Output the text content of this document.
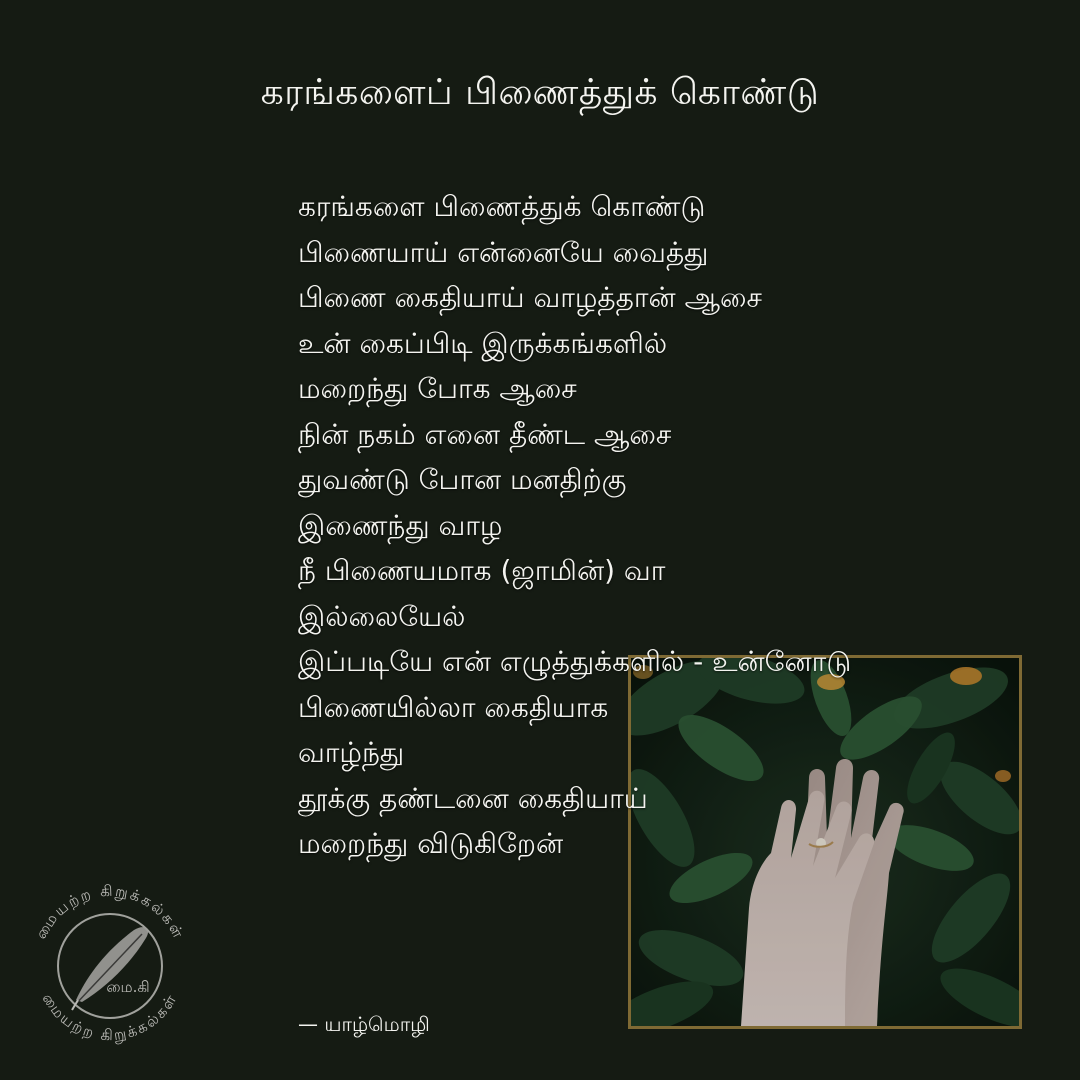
கரங்களைப் பிணைத்துக் கொண்டு
கரங்களை பிணைத்துக் கொண்டு
பிணையாய் என்னையே வைத்து
பிணை கைதியாய் வாழத்தான் ஆசை
உன் கைப்பிடி இருக்கங்களில்
மறைந்து போக ஆசை
நின் நகம் எனை தீண்ட ஆசை
துவண்டு போன மனதிற்கு
இணைந்து வாழ
நீ பிணையமாக (ஜாமின்) வா
இல்லையேல்
இப்படியே என் எழுத்துக்களில் - உன்னோடு
பிணையில்லா கைதியாக
வாழ்ந்து
தூக்கு தண்டனை கைதியாய்
மறைந்து விடுகிறேன்
— யாழ்மொழி
மையற்ற கிறுக்கல்கள்
மையற்ற கிறுக்கல்கள்
மை.கி
